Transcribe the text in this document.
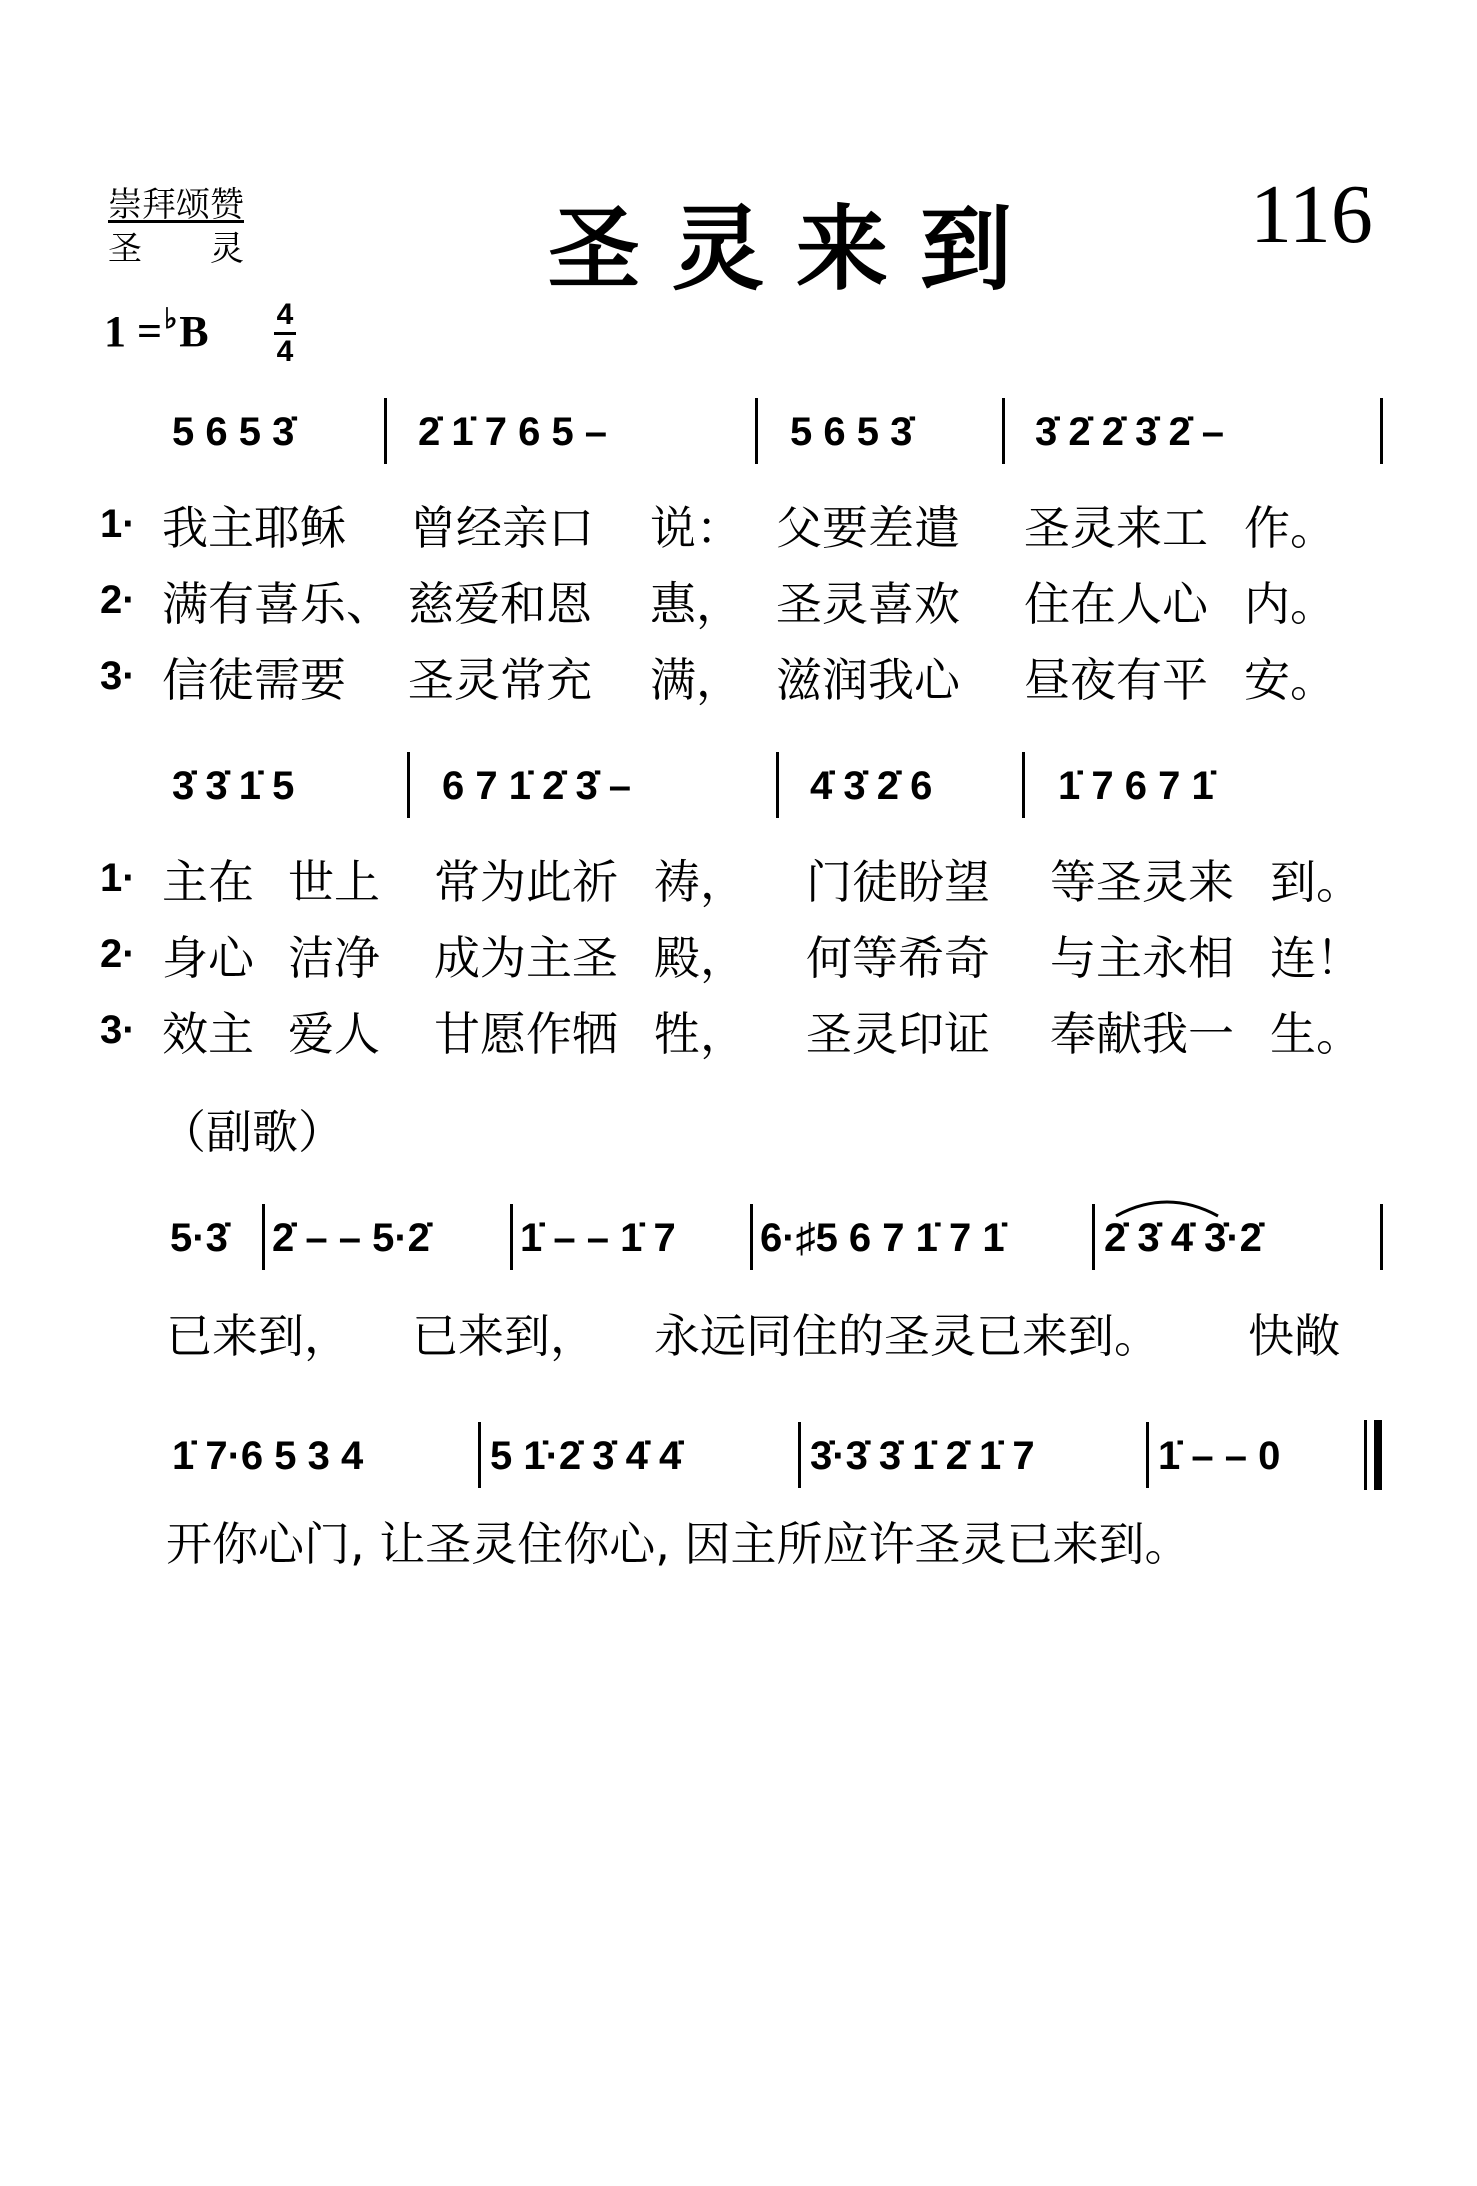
崇拜颂赞
圣　　灵	圣灵来到 116
1 =♭B 4
4
5 6 5 3̇	2̇ 1̇ 7 6 5 –	5 6 5 3̇	3̇ 2̇ 2̇ 3̇ 2̇ –
1· 我主耶稣 曾经亲口 说： 父要差遣 圣灵来工 作。
2· 满有喜乐、 慈爱和恩 惠， 圣灵喜欢 住在人心 内。
3· 信徒需要 圣灵常充 满， 滋润我心 昼夜有平 安。
3̇ 3̇ 1̇ 5	6 7 1̇ 2̇ 3̇ –	4̇ 3̇ 2̇ 6	1̇ 7 6 7 1̇
1· 主在 世上 常为此祈 祷， 门徒盼望 等圣灵来 到。
2· 身心 洁净 成为主圣 殿， 何等希奇 与主永相 连！
3· 效主 爱人 甘愿作牺 牲， 圣灵印证 奉献我一 生。
（副歌）
5·3̇ 2̇ – – 5·2̇ 1̇ – – 1̇ 7 6·♯5 6 7 1̇ 7 1̇ 2̇ 3̇ 4̇ 3̇·2̇
已来到， 已来到， 永远同住的圣灵已来到。 快敞
1̇ 7·6 5 3 4	5 1̇·2̇ 3̇ 4̇ 4̇	3̇·3̇ 3̇ 1̇ 2̇ 1̇ 7	1̇ – – 0
开你心门, 让圣灵住你心, 因主所应许圣灵已来到。
